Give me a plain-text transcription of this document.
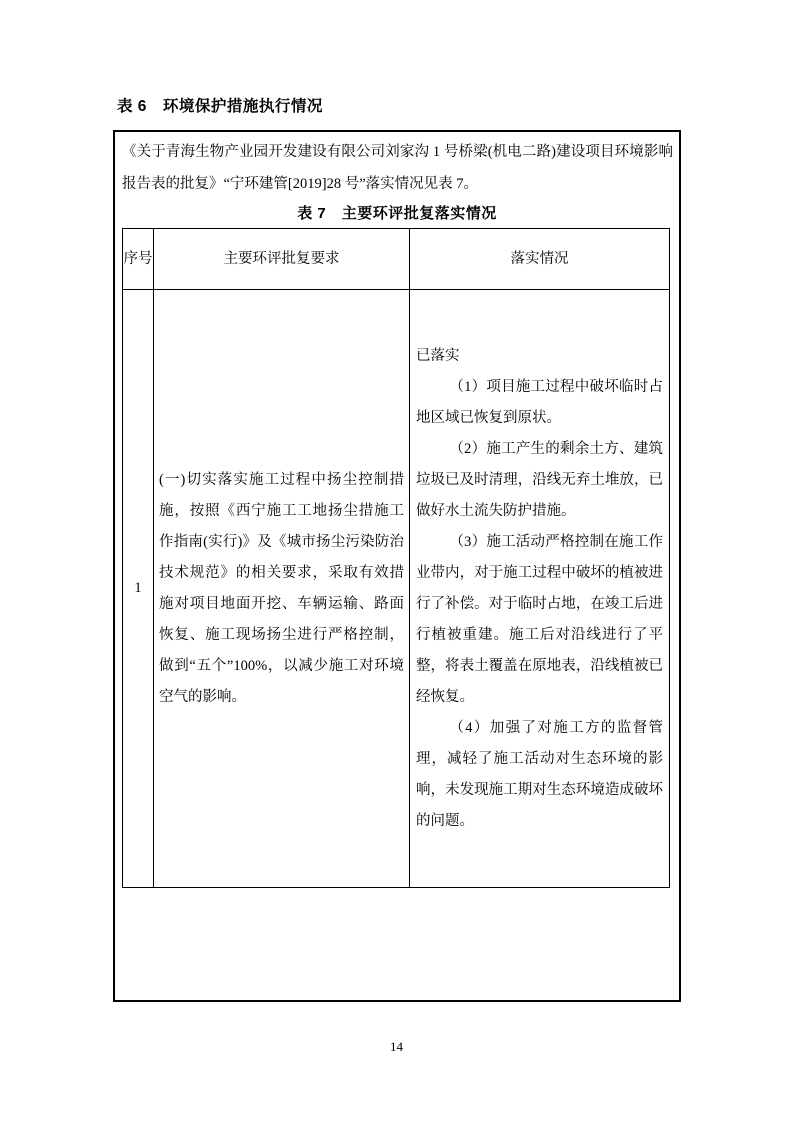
表 6　环境保护措施执行情况

《关于青海生物产业园开发建设有限公司刘家沟 1 号桥梁(机电二路)建设项目环境影响报告表的批复》“宁环建管[2019]28 号”落实情况见表 7。

表 7　主要环评批复落实情况

序号	主要环评批复要求	落实情况
1	(一)切实落实施工过程中扬尘控制措施，按照《西宁施工工地扬尘措施工作指南(实行)》及《城市扬尘污染防治技术规范》的相关要求，采取有效措施对项目地面开挖、车辆运输、路面恢复、施工现场扬尘进行严格控制，做到“五个”100%，以减少施工对环境空气的影响。	已落实

（1）项目施工过程中破坏临时占地区域已恢复到原状。

（2）施工产生的剩余土方、建筑垃圾已及时清理，沿线无弃土堆放，已做好水土流失防护措施。

（3）施工活动严格控制在施工作业带内，对于施工过程中破坏的植被进行了补偿。对于临时占地，在竣工后进行植被重建。施工后对沿线进行了平整，将表土覆盖在原地表，沿线植被已经恢复。

（4）加强了对施工方的监督管理，减轻了施工活动对生态环境的影响，未发现施工期对生态环境造成破坏的问题。

14
